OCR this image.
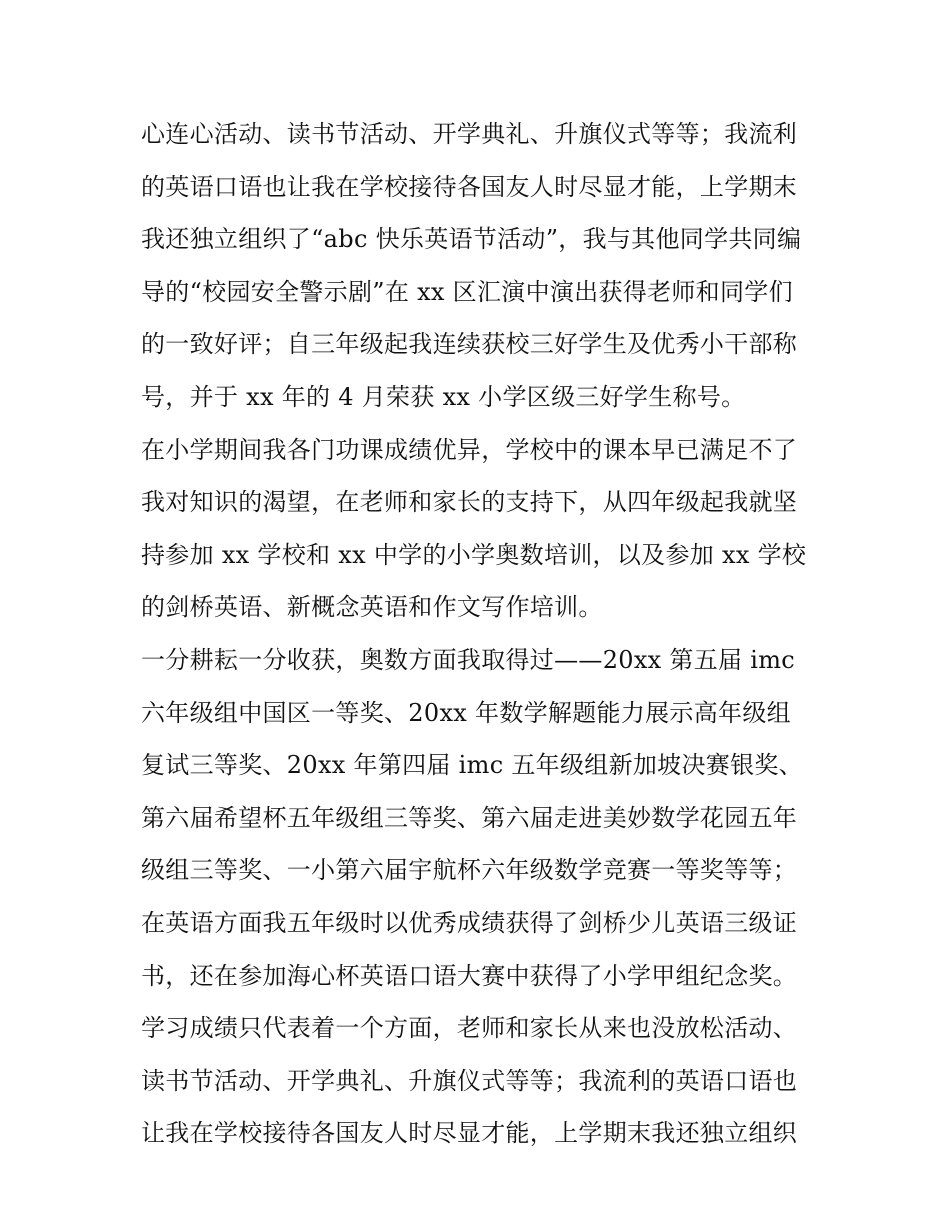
心连心活动、读书节活动、开学典礼、升旗仪式等等；我流利
的英语口语也让我在学校接待各国友人时尽显才能，上学期末
我还独立组织了“abc 快乐英语节活动”，我与其他同学共同编
导的“校园安全警示剧”在 xx 区汇演中演出获得老师和同学们
的一致好评；自三年级起我连续获校三好学生及优秀小干部称
号，并于 xx 年的 4 月荣获 xx 小学区级三好学生称号。
在小学期间我各门功课成绩优异，学校中的课本早已满足不了
我对知识的渴望，在老师和家长的支持下，从四年级起我就坚
持参加 xx 学校和 xx 中学的小学奥数培训，以及参加 xx 学校
的剑桥英语、新概念英语和作文写作培训。
一分耕耘一分收获，奥数方面我取得过——20xx 第五届 imc
六年级组中国区一等奖、20xx 年数学解题能力展示高年级组
复试三等奖、20xx 年第四届 imc 五年级组新加坡决赛银奖、
第六届希望杯五年级组三等奖、第六届走进美妙数学花园五年
级组三等奖、一小第六届宇航杯六年级数学竞赛一等奖等等；
在英语方面我五年级时以优秀成绩获得了剑桥少儿英语三级证
书，还在参加海心杯英语口语大赛中获得了小学甲组纪念奖。
学习成绩只代表着一个方面，老师和家长从来也没放松活动、
读书节活动、开学典礼、升旗仪式等等；我流利的英语口语也
让我在学校接待各国友人时尽显才能，上学期末我还独立组织
